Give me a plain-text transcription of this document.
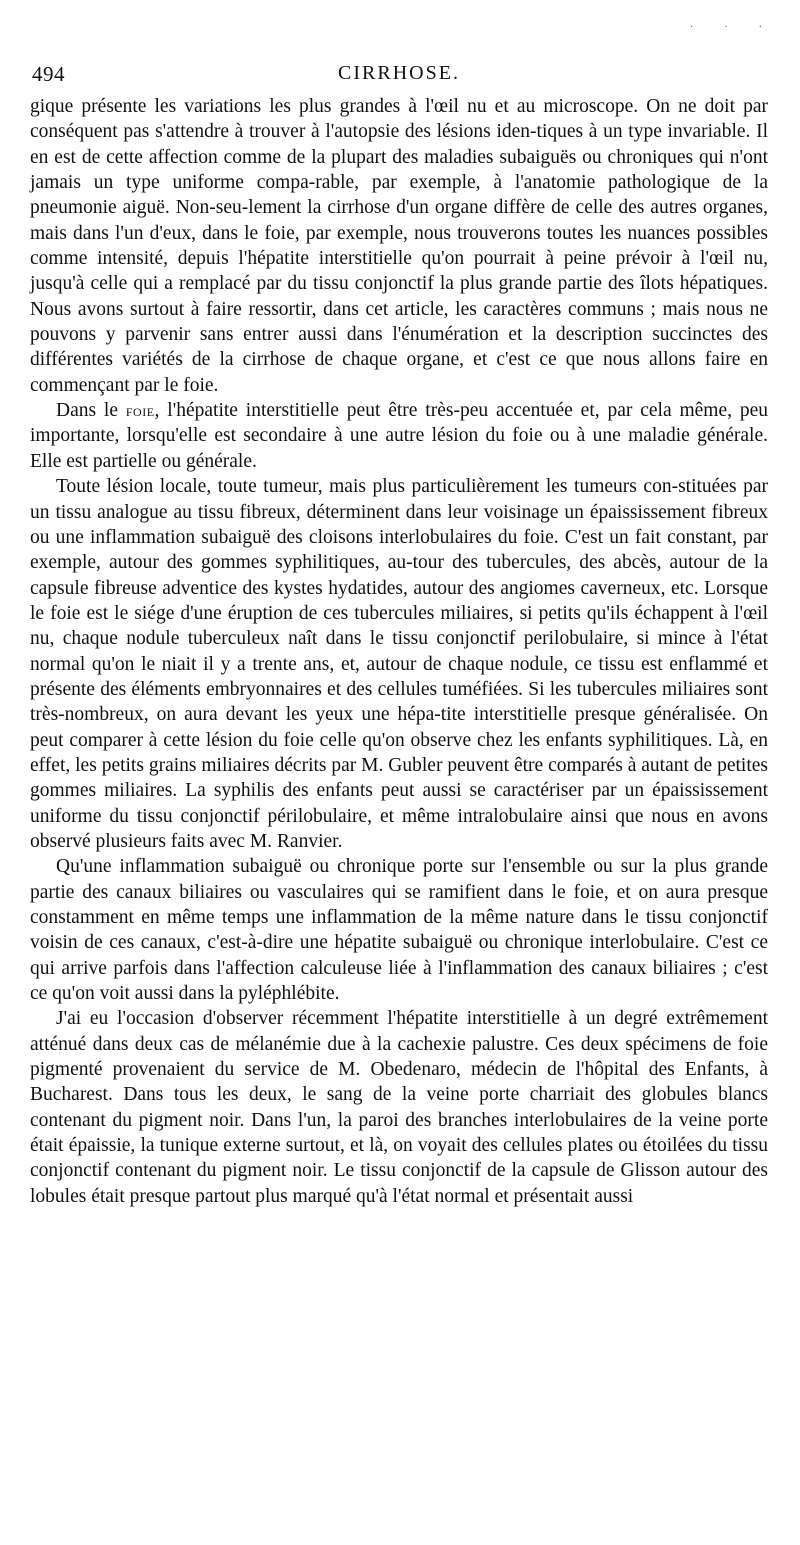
· · ·
494	CIRRHOSE.

gique présente les variations les plus grandes à l'œil nu et au microscope. On ne doit par conséquent pas s'attendre à trouver à l'autopsie des lésions iden-tiques à un type invariable. Il en est de cette affection comme de la plupart des maladies subaiguës ou chroniques qui n'ont jamais un type uniforme compa-rable, par exemple, à l'anatomie pathologique de la pneumonie aiguë. Non-seu-lement la cirrhose d'un organe diffère de celle des autres organes, mais dans l'un d'eux, dans le foie, par exemple, nous trouverons toutes les nuances possibles comme intensité, depuis l'hépatite interstitielle qu'on pourrait à peine prévoir à l'œil nu, jusqu'à celle qui a remplacé par du tissu conjonctif la plus grande partie des îlots hépatiques. Nous avons surtout à faire ressortir, dans cet article, les caractères communs ; mais nous ne pouvons y parvenir sans entrer aussi dans l'énumération et la description succinctes des différentes variétés de la cirrhose de chaque organe, et c'est ce que nous allons faire en commençant par le foie.

Dans le foie, l'hépatite interstitielle peut être très-peu accentuée et, par cela même, peu importante, lorsqu'elle est secondaire à une autre lésion du foie ou à une maladie générale. Elle est partielle ou générale.

Toute lésion locale, toute tumeur, mais plus particulièrement les tumeurs con-stituées par un tissu analogue au tissu fibreux, déterminent dans leur voisinage un épaississement fibreux ou une inflammation subaiguë des cloisons interlobulaires du foie. C'est un fait constant, par exemple, autour des gommes syphilitiques, au-tour des tubercules, des abcès, autour de la capsule fibreuse adventice des kystes hydatides, autour des angiomes caverneux, etc. Lorsque le foie est le siége d'une éruption de ces tubercules miliaires, si petits qu'ils échappent à l'œil nu, chaque nodule tuberculeux naît dans le tissu conjonctif perilobulaire, si mince à l'état normal qu'on le niait il y a trente ans, et, autour de chaque nodule, ce tissu est enflammé et présente des éléments embryonnaires et des cellules tuméfiées. Si les tubercules miliaires sont très-nombreux, on aura devant les yeux une hépa-tite interstitielle presque généralisée. On peut comparer à cette lésion du foie celle qu'on observe chez les enfants syphilitiques. Là, en effet, les petits grains miliaires décrits par M. Gubler peuvent être comparés à autant de petites gommes miliaires. La syphilis des enfants peut aussi se caractériser par un épaississement uniforme du tissu conjonctif périlobulaire, et même intralobulaire ainsi que nous en avons observé plusieurs faits avec M. Ranvier.

Qu'une inflammation subaiguë ou chronique porte sur l'ensemble ou sur la plus grande partie des canaux biliaires ou vasculaires qui se ramifient dans le foie, et on aura presque constamment en même temps une inflammation de la même nature dans le tissu conjonctif voisin de ces canaux, c'est-à-dire une hépatite subaiguë ou chronique interlobulaire. C'est ce qui arrive parfois dans l'affection calculeuse liée à l'inflammation des canaux biliaires ; c'est ce qu'on voit aussi dans la pyléphlébite.

J'ai eu l'occasion d'observer récemment l'hépatite interstitielle à un degré extrêmement atténué dans deux cas de mélanémie due à la cachexie palustre. Ces deux spécimens de foie pigmenté provenaient du service de M. Obedenaro, médecin de l'hôpital des Enfants, à Bucharest. Dans tous les deux, le sang de la veine porte charriait des globules blancs contenant du pigment noir. Dans l'un, la paroi des branches interlobulaires de la veine porte était épaissie, la tunique externe surtout, et là, on voyait des cellules plates ou étoilées du tissu conjonctif contenant du pigment noir. Le tissu conjonctif de la capsule de Glisson autour des lobules était presque partout plus marqué qu'à l'état normal et présentait aussi
